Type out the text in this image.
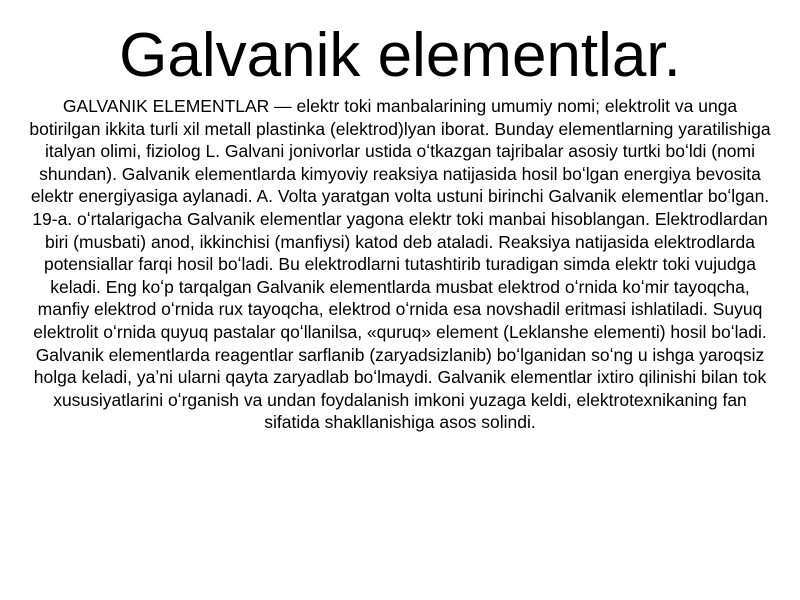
Galvanik elementlar.

GALVANIK ELEMENTLAR — elektr toki manbalarining umumiy nomi; elektrolit va unga botirilgan ikkita turli xil metall plastinka (elektrod)lyan iborat. Bunday elementlarning yaratilishiga italyan olimi, fiziolog L. Galvani jonivorlar ustida oʻtkazgan tajribalar asosiy turtki boʻldi (nomi shundan). Galvanik elementlarda kimyoviy reaksiya natijasida hosil boʻlgan energiya bevosita elektr energiyasiga aylanadi. A. Volta yaratgan volta ustuni birinchi Galvanik elementlar boʻlgan. 19-a. oʻrtalarigacha Galvanik elementlar yagona elektr toki manbai hisoblangan. Elektrodlardan biri (musbati) anod, ikkinchisi (manfiysi) katod deb ataladi. Reaksiya natijasida elektrodlarda potensiallar farqi hosil boʻladi. Bu elektrodlarni tutashtirib turadigan simda elektr toki vujudga keladi. Eng koʻp tarqalgan Galvanik elementlarda musbat elektrod oʻrnida koʻmir tayoqcha, manfiy elektrod oʻrnida rux tayoqcha, elektrod oʻrnida esa novshadil eritmasi ishlatiladi. Suyuq elektrolit oʻrnida quyuq pastalar qoʻllanilsa, «quruq» element (Leklanshe elementi) hosil boʻladi. Galvanik elementlarda reagentlar sarflanib (zaryadsizlanib) boʻlganidan soʻng u ishga yaroqsiz holga keladi, yaʼni ularni qayta zaryadlab boʻlmaydi. Galvanik elementlar ixtiro qilinishi bilan tok xususiyatlarini oʻrganish va undan foydalanish imkoni yuzaga keldi, elektrotexnikaning fan sifatida shakllanishiga asos solindi.
